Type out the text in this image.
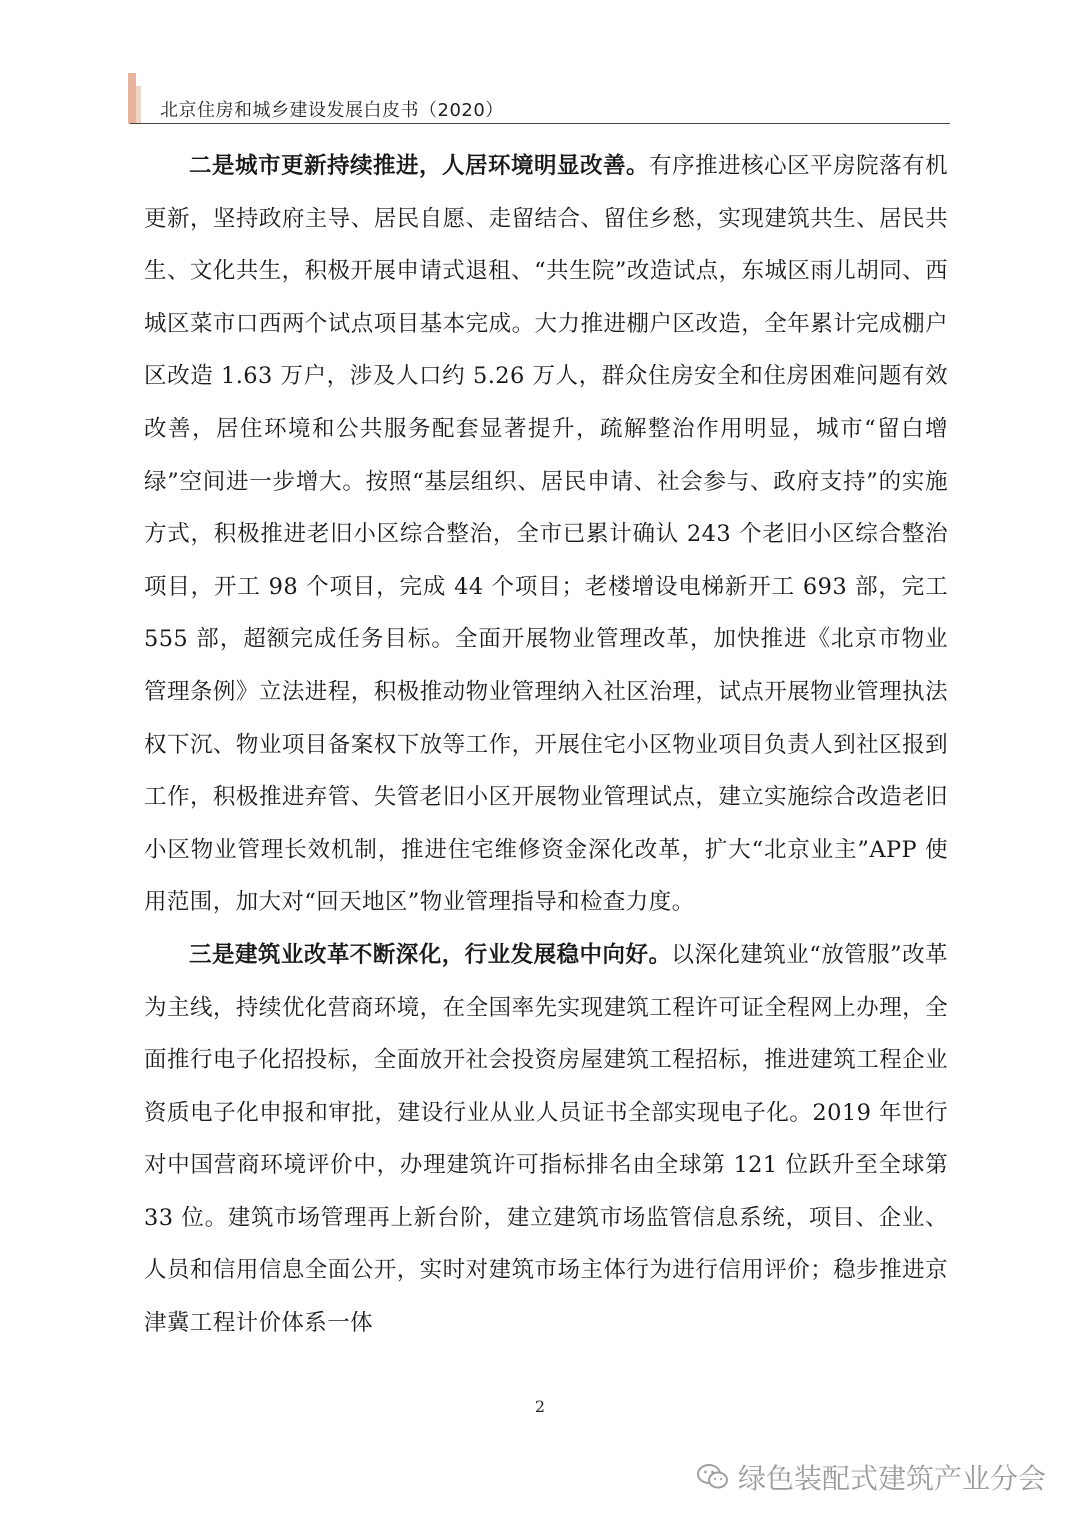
北京住房和城乡建设发展白皮书（2020）

二是城市更新持续推进，人居环境明显改善。有序推进核心区平房院落有机更新，坚持政府主导、居民自愿、走留结合、留住乡愁，实现建筑共生、居民共生、文化共生，积极开展申请式退租、“共生院”改造试点，东城区雨儿胡同、西城区菜市口西两个试点项目基本完成。大力推进棚户区改造，全年累计完成棚户区改造 1.63 万户，涉及人口约 5.26 万人，群众住房安全和住房困难问题有效改善，居住环境和公共服务配套显著提升，疏解整治作用明显，城市“留白增绿”空间进一步增大。按照“基层组织、居民申请、社会参与、政府支持”的实施方式，积极推进老旧小区综合整治，全市已累计确认 243 个老旧小区综合整治项目，开工 98 个项目，完成 44 个项目；老楼增设电梯新开工 693 部，完工 555 部，超额完成任务目标。全面开展物业管理改革，加快推进《北京市物业管理条例》立法进程，积极推动物业管理纳入社区治理，试点开展物业管理执法权下沉、物业项目备案权下放等工作，开展住宅小区物业项目负责人到社区报到工作，积极推进弃管、失管老旧小区开展物业管理试点，建立实施综合改造老旧小区物业管理长效机制，推进住宅维修资金深化改革，扩大“北京业主”APP 使用范围，加大对“回天地区”物业管理指导和检查力度。

三是建筑业改革不断深化，行业发展稳中向好。以深化建筑业“放管服”改革为主线，持续优化营商环境，在全国率先实现建筑工程许可证全程网上办理，全面推行电子化招投标，全面放开社会投资房屋建筑工程招标，推进建筑工程企业资质电子化申报和审批，建设行业从业人员证书全部实现电子化。2019 年世行对中国营商环境评价中，办理建筑许可指标排名由全球第 121 位跃升至全球第 33 位。建筑市场管理再上新台阶，建立建筑市场监管信息系统，项目、企业、人员和信用信息全面公开，实时对建筑市场主体行为进行信用评价；稳步推进京津冀工程计价体系一体

2
绿色装配式建筑产业分会
